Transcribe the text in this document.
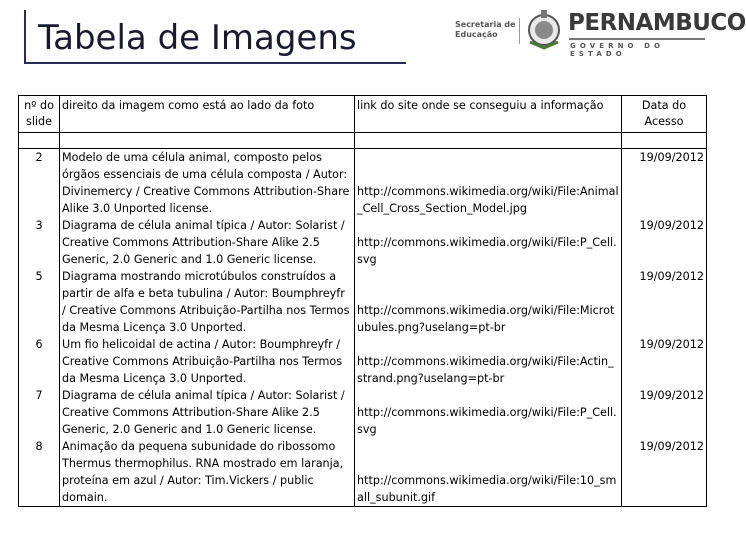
Tabela de Imagens	Secretaria de Educação	PERNAMBUCO
GOVERNO DO ESTADO
nº do slide	direito da imagem como está ao lado da foto	link do site onde se conseguiu a informação	Data do Acesso

2	Modelo de uma célula animal, composto pelos órgãos essenciais de uma célula composta / Autor: Divinemercy / Creative Commons Attribution-Share Alike 3.0 Unported license.	http://commons.wikimedia.org/wiki/File:Animal_Cell_Cross_Section_Model.jpg	19/09/2012
3	Diagrama de célula animal típica / Autor: Solarist / Creative Commons Attribution-Share Alike 2.5 Generic, 2.0 Generic and 1.0 Generic license.	http://commons.wikimedia.org/wiki/File:P_Cell.svg	19/09/2012
5	Diagrama mostrando microtúbulos construídos a partir de alfa e beta tubulina / Autor: Boumphreyfr / Creative Commons Atribuição-Partilha nos Termos da Mesma Licença 3.0 Unported.	http://commons.wikimedia.org/wiki/File:Microtubules.png?uselang=pt-br	19/09/2012
6	Um fio helicoidal de actina / Autor: Boumphreyfr / Creative Commons Atribuição-Partilha nos Termos da Mesma Licença 3.0 Unported.	http://commons.wikimedia.org/wiki/File:Actin_strand.png?uselang=pt-br	19/09/2012
7	Diagrama de célula animal típica / Autor: Solarist / Creative Commons Attribution-Share Alike 2.5 Generic, 2.0 Generic and 1.0 Generic license.	http://commons.wikimedia.org/wiki/File:P_Cell.svg	19/09/2012
8	Animação da pequena subunidade do ribossomo Thermus thermophilus. RNA mostrado em laranja, proteína em azul / Autor: Tim.Vickers / public domain.	http://commons.wikimedia.org/wiki/File:10_small_subunit.gif	19/09/2012
